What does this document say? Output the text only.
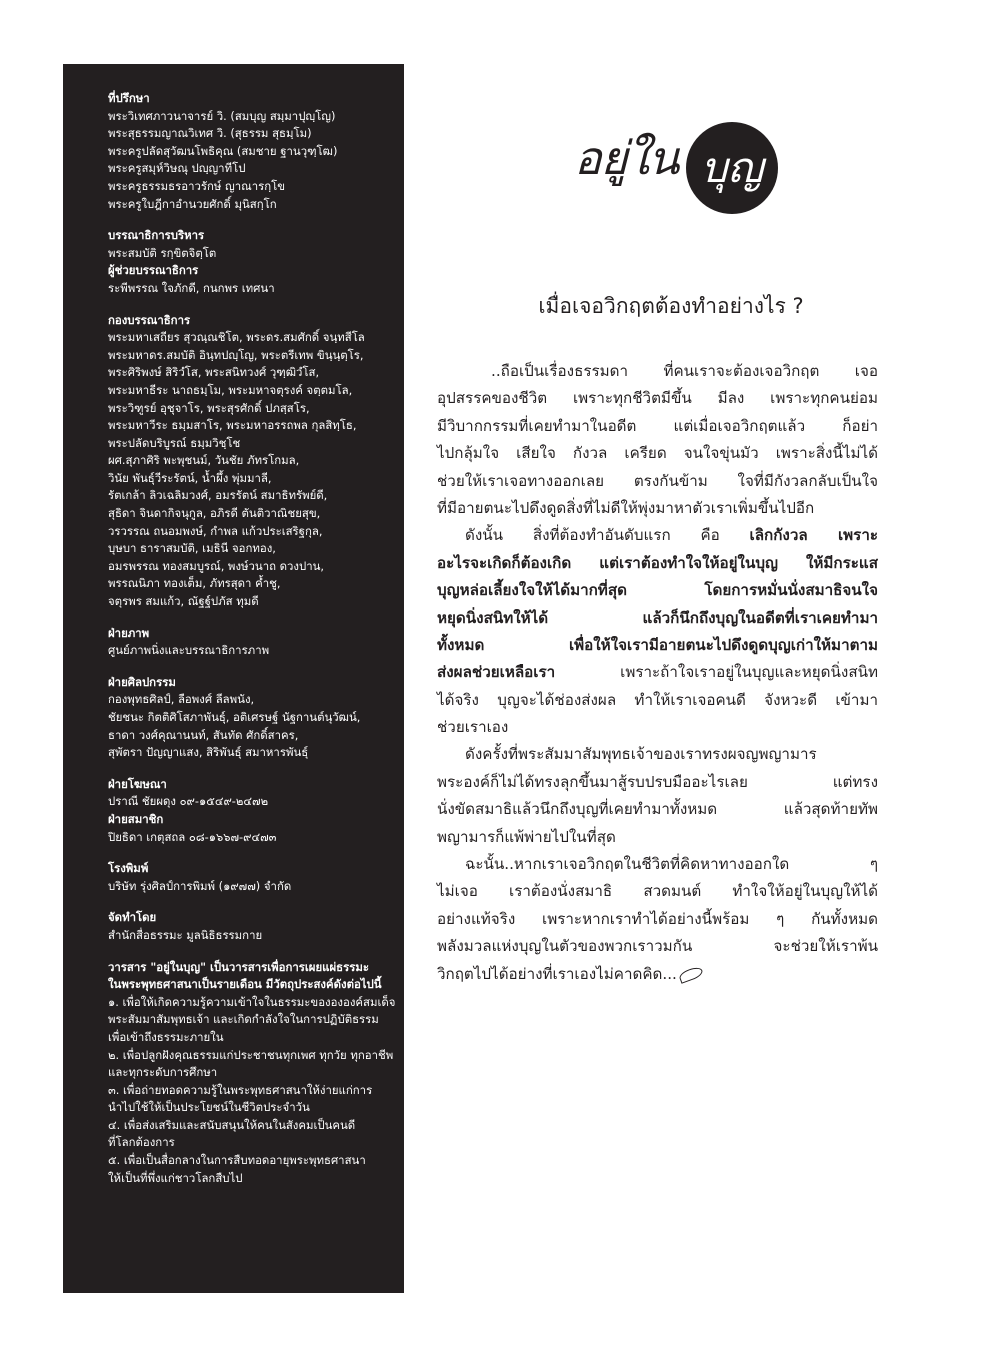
ที่ปรึกษา
พระวิเทศภาวนาจารย์ วิ. (สมบุญ สมฺมาปุญฺโญ)
พระสุธรรมญาณวิเทศ วิ. (สุธรรม สุธมฺโม)
พระครูปลัดสุวัฒนโพธิคุณ (สมชาย ฐานวุฑฺโฒ)
พระครูสมุห์วิษณุ ปญฺญาทีโป
พระครูธรรมธรอาวรักษ์ ญาณารกฺโข
พระครูใบฎีกาอำนวยศักดิ์ มุนิสกฺโก
บรรณาธิการบริหาร
พระสมบัติ รกฺขิตจิตฺโต
ผู้ช่วยบรรณาธิการ
ระพีพรรณ ใจภักดี, กนกพร เทศนา
กองบรรณาธิการ
พระมหาเสถียร สุวณฺณชิโต, พระดร.สมศักดิ์ จนฺทสีโล
พระมหาดร.สมบัติ อินฺทปญฺโญ, พระตรีเทพ ขินฺนฺตฺโร,
พระศิริพงษ์ สิริวํโส, พระสนิทวงศ์ วุฑฺฒิวํโส,
พระมหาธีระ นาถธมฺโม, พระมหาจตุรงค์ จตฺตมโล,
พระวิฑูรย์ อุชุจาโร, พระสุรศักดิ์ ปภสฺสโร,
พระมหาวีระ ธมฺมสาโร, พระมหาอรรถพล กุลสิทฺโธ,
พระปลัดบริบูรณ์ ธมฺมวิชฺโช
ผศ.สุภาศิริ พะพุชนม์, วันชัย ภัทรโกมล,
วินัย พันธุ์วีระรัตน์, น้ำผึ้ง พุ่มมาลี,
รัตเกล้า ลิวเฉลิมวงศ์, อมรรัตน์ สมาธิทรัพย์ดี,
สุธิดา จินดากิจนุกูล, อภิรดี ตันติวาณิชยสุข,
วรวรรณ ถนอมพงษ์, กำพล แก้วประเสริฐกุล,
บุษบา ธาราสมบัติ, เมธินี จอกทอง,
อมรพรรณ ทองสมบูรณ์, พงษ์วนาถ ดวงปาน,
พรรณนิภา ทองเต็ม, ภัทรสุดา ค้ำชู,
จตุรพร สมแก้ว, ณัฐฐ์ปภัส ทุมดี
ฝ่ายภาพ
ศูนย์ภาพนิ่งและบรรณาธิการภาพ
ฝ่ายศิลปกรรม
กองพุทธศิลป์, ลือพงศ์ ลีลพนัง,
ชัยชนะ กิตติศิโสภาพันธุ์, อติเศรษฐ์ นัฐกานต์นุวัฒน์,
ธาดา วงศ์คุณานนท์, สันทัด ศักดิ์สาคร,
สุพัตรา ปัญญาแสง, สิริพันธุ์ สมาหารพันธุ์
ฝ่ายโฆษณา
ปราณี ชัยผดุง ๐๙-๑๕๔๙-๒๔๗๒
ฝ่ายสมาชิก
ปิยธิดา เกตุสถล ๐๘-๑๖๖๗-๙๔๗๓
โรงพิมพ์
บริษัท รุ่งศิลป์การพิมพ์ (๑๙๗๗) จำกัด
จัดทำโดย
สำนักสื่อธรรมะ มูลนิธิธรรมกาย
วารสาร "อยู่ในบุญ" เป็นวารสารเพื่อการเผยแผ่ธรรมะ
ในพระพุทธศาสนาเป็นรายเดือน มีวัตถุประสงค์ดังต่อไปนี้
๑. เพื่อให้เกิดความรู้ความเข้าใจในธรรมะของององค์สมเด็จ
พระสัมมาสัมพุทธเจ้า และเกิดกำลังใจในการปฏิบัติธรรม
เพื่อเข้าถึงธรรมะภายใน
๒. เพื่อปลูกฝังคุณธรรมแก่ประชาชนทุกเพศ ทุกวัย ทุกอาชีพ
และทุกระดับการศึกษา
๓. เพื่อถ่ายทอดความรู้ในพระพุทธศาสนาให้ง่ายแก่การ
นำไปใช้ให้เป็นประโยชน์ในชีวิตประจำวัน
๔. เพื่อส่งเสริมและสนับสนุนให้คนในสังคมเป็นคนดี
ที่โลกต้องการ
๕. เพื่อเป็นสื่อกลางในการสืบทอดอายุพระพุทธศาสนา
ให้เป็นที่พึ่งแก่ชาวโลกสืบไป
อยู่ใน บุญ
เมื่อเจอวิกฤตต้องทำอย่างไร ?
..ถือเป็นเรื่องธรรมดา ที่คนเราจะต้องเจอวิกฤต เจอ
อุปสรรคของชีวิต เพราะทุกชีวิตมีขึ้น มีลง เพราะทุกคนย่อม
มีวิบากกรรมที่เคยทำมาในอดีต แต่เมื่อเจอวิกฤตแล้ว ก็อย่า
ไปกลุ้มใจ เสียใจ กังวล เครียด จนใจขุ่นมัว เพราะสิ่งนี้ไม่ได้
ช่วยให้เราเจอทางออกเลย ตรงกันข้าม ใจที่มีกังวลกลับเป็นใจ
ที่มีอายตนะไปดึงดูดสิ่งที่ไม่ดีให้พุ่งมาหาตัวเราเพิ่มขึ้นไปอีก
ดังนั้น สิ่งที่ต้องทำอันดับแรก คือ เลิกกังวล เพราะ
อะไรจะเกิดก็ต้องเกิด แต่เราต้องทำใจให้อยู่ในบุญ ให้มีกระแส
บุญหล่อเลี้ยงใจให้ได้มากที่สุด โดยการหมั่นนั่งสมาธิจนใจ
หยุดนิ่งสนิทให้ได้ แล้วก็นึกถึงบุญในอดีตที่เราเคยทำมา
ทั้งหมด เพื่อให้ใจเรามีอายตนะไปดึงดูดบุญเก่าให้มาตาม
ส่งผลช่วยเหลือเรา	เพราะถ้าใจเราอยู่ในบุญและหยุดนิ่งสนิท
ได้จริง บุญจะได้ช่องส่งผล ทำให้เราเจอคนดี จังหวะดี เข้ามา
ช่วยเราเอง
ดังครั้งที่พระสัมมาสัมพุทธเจ้าของเราทรงผจญพญามาร
พระองค์ก็ไม่ได้ทรงลุกขึ้นมาสู้รบปรบมืออะไรเลย แต่ทรง
นั่งขัดสมาธิแล้วนึกถึงบุญที่เคยทำมาทั้งหมด แล้วสุดท้ายทัพ
พญามารก็แพ้พ่ายไปในที่สุด
ฉะนั้น..หากเราเจอวิกฤตในชีวิตที่คิดหาทางออกใด ๆ
ไม่เจอ เราต้องนั่งสมาธิ สวดมนต์ ทำใจให้อยู่ในบุญให้ได้
อย่างแท้จริง เพราะหากเราทำได้อย่างนี้พร้อม ๆ กันทั้งหมด
พลังมวลแห่งบุญในตัวของพวกเราวมกัน จะช่วยให้เราพ้น
วิกฤตไปได้อย่างที่เราเองไม่คาดคิด...
